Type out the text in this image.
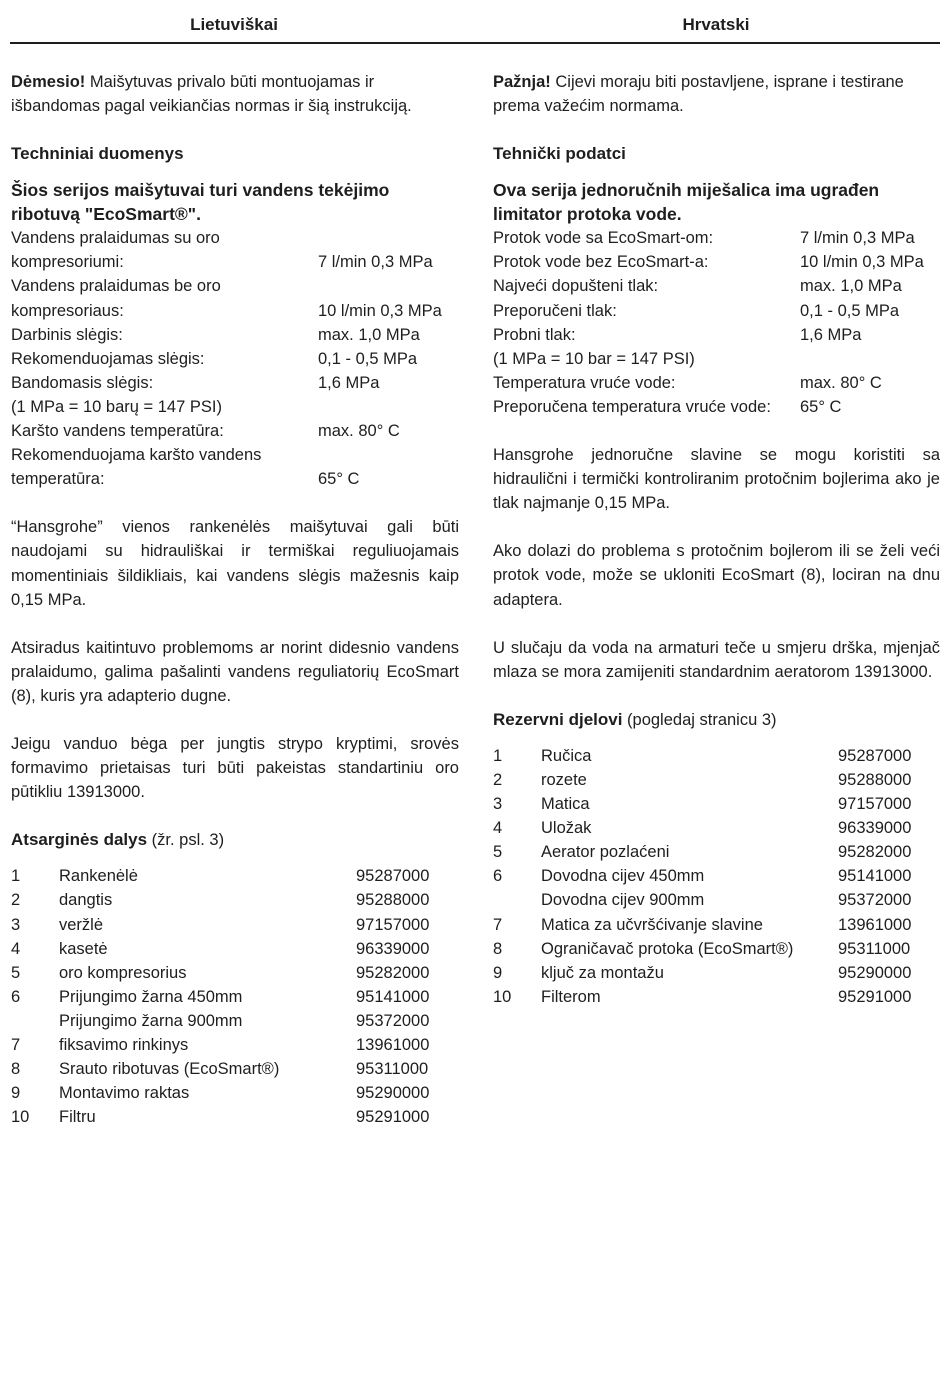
Lietuviškai	Hrvatski

Dėmesio! Maišytuvas privalo būti montuojamas ir išbandomas pagal veikiančias normas ir šią instrukciją.

Techniniai duomenys

Šios serijos maišytuvai turi vandens tekėjimo ribotuvą "EcoSmart®".

Vandens pralaidumas su oro kompresoriumi:	7 l/min 0,3 MPa
Vandens pralaidumas be oro kompresoriaus:	10 l/min 0,3 MPa
Darbinis slėgis:	max. 1,0 MPa
Rekomenduojamas slėgis:	0,1 - 0,5 MPa
Bandomasis slėgis:	1,6 MPa
(1 MPa = 10 barų = 147 PSI)
Karšto vandens temperatūra:	max. 80° C
Rekomenduojama karšto vandens temperatūra:	65° C

“Hansgrohe” vienos rankenėlės maišytuvai gali būti naudojami su hidrauliškai ir termiškai reguliuojamais momentiniais šildikliais, kai vandens slėgis mažesnis kaip 0,15 MPa.

Atsiradus kaitintuvo problemoms ar norint didesnio vandens pralaidumo, galima pašalinti vandens reguliatorių EcoSmart (8), kuris yra adapterio dugne.

Jeigu vanduo bėga per jungtis strypo kryptimi, srovės formavimo prietaisas turi būti pakeistas standartiniu oro pūtikliu 13913000.

Atsarginės dalys (žr. psl. 3)

1	Rankenėlė	95287000
2	dangtis	95288000
3	veržlė	97157000
4	kasetė	96339000
5	oro kompresorius	95282000
6	Prijungimo žarna 450mm	95141000
Prijungimo žarna 900mm	95372000
7	fiksavimo rinkinys	13961000
8	Srauto ribotuvas (EcoSmart®)	95311000
9	Montavimo raktas	95290000
10	Filtru	95291000

Pažnja! Cijevi moraju biti postavljene, isprane i testirane prema važećim normama.

Tehnički podatci

Ova serija jednoručnih miješalica ima ugrađen limitator protoka vode.

Protok vode sa EcoSmart-om:	7 l/min 0,3 MPa
Protok vode bez EcoSmart-a:	10 l/min 0,3 MPa
Najveći dopušteni tlak:	max. 1,0 MPa
Preporučeni tlak:	0,1 - 0,5 MPa
Probni tlak:	1,6 MPa
(1 MPa = 10 bar = 147 PSI)
Temperatura vruće vode:	max. 80° C
Preporučena temperatura vruće vode:	65° C

Hansgrohe jednoručne slavine se mogu koristiti sa hidraulični i termički kontroliranim protočnim bojlerima ako je tlak najmanje 0,15 MPa.

Ako dolazi do problema s protočnim bojlerom ili se želi veći protok vode, može se ukloniti EcoSmart (8), lociran na dnu adaptera.

U slučaju da voda na armaturi teče u smjeru drška, mjenjač mlaza se mora zamijeniti standardnim aeratorom 13913000.

Rezervni djelovi (pogledaj stranicu 3)

1	Ručica	95287000
2	rozete	95288000
3	Matica	97157000
4	Uložak	96339000
5	Aerator pozlaćeni	95282000
6	Dovodna cijev 450mm	95141000
Dovodna cijev 900mm	95372000
7	Matica za učvršćivanje slavine	13961000
8	Ograničavač protoka (EcoSmart®)	95311000
9	ključ za montažu	95290000
10	Filterom	95291000
